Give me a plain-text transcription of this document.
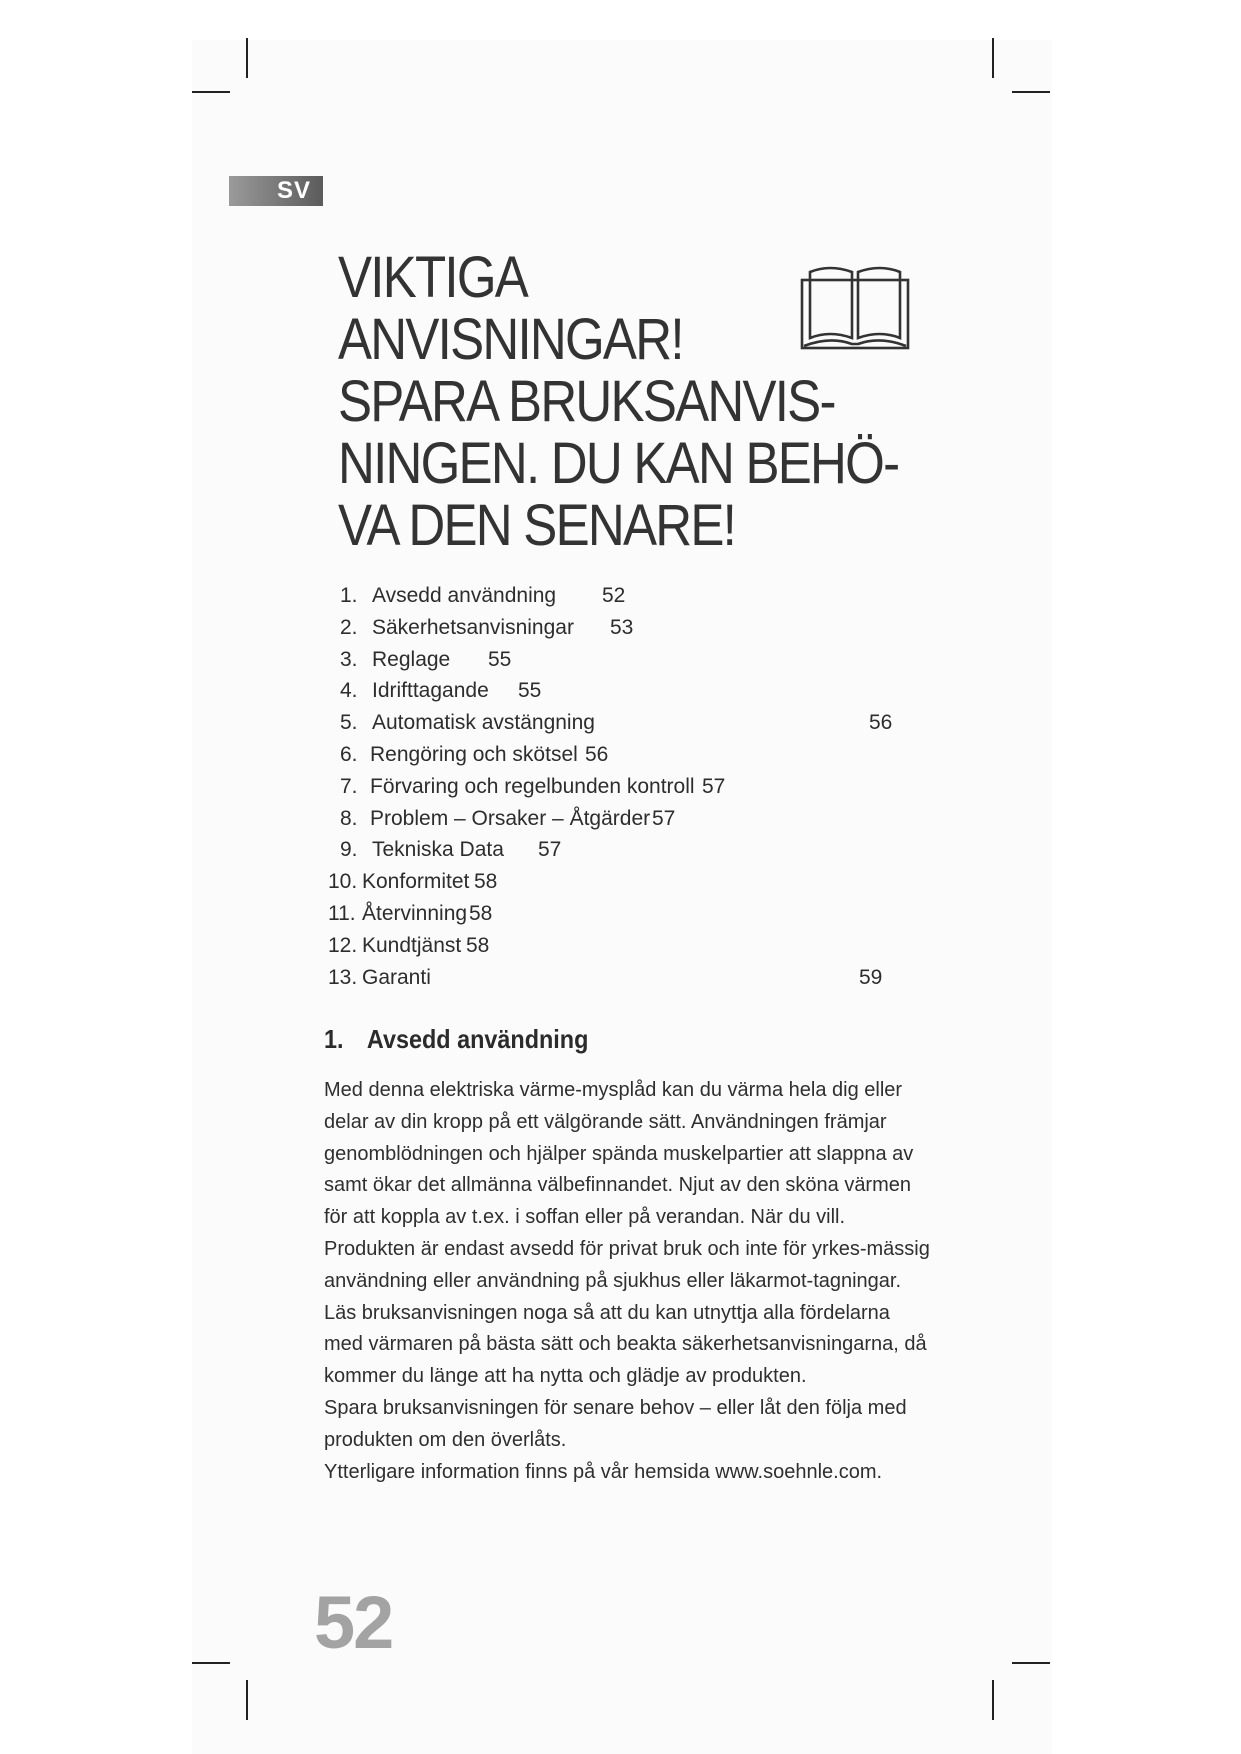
SV
VIKTIGA
ANVISNINGAR!
SPARA BRUKSANVIS-
NINGEN. DU KAN BEHÖ-
VA DEN SENARE!
1. Avsedd användning 52
2. Säkerhetsanvisningar 53
3. Reglage 55
4. Idrifttagande 55
5. Automatisk avstängning	56
6. Rengöring och skötsel 56
7. Förvaring och regelbunden kontroll 57
8. Problem – Orsaker – Åtgärder 57
9. Tekniska Data 57
10. Konformitet 58
11. Återvinning 58
12. Kundtjänst 58
13. Garanti	59
1. Avsedd användning

Med denna elektriska värme-mysplåd kan du värma hela dig eller delar av din kropp på ett välgörande sätt. Användningen främjar genomblödningen och hjälper spända muskelpartier att slappna av samt ökar det allmänna välbefinnandet. Njut av den sköna värmen för att koppla av t.ex. i soffan eller på verandan. När du vill.

Produkten är endast avsedd för privat bruk och inte för yrkes-mässig användning eller användning på sjukhus eller läkarmot-tagningar.

Läs bruksanvisningen noga så att du kan utnyttja alla fördelarna med värmaren på bästa sätt och beakta säkerhetsanvisningarna, då kommer du länge att ha nytta och glädje av produkten.

Spara bruksanvisningen för senare behov – eller låt den följa med produkten om den överlåts.

Ytterligare information finns på vår hemsida www.soehnle.com.

52
